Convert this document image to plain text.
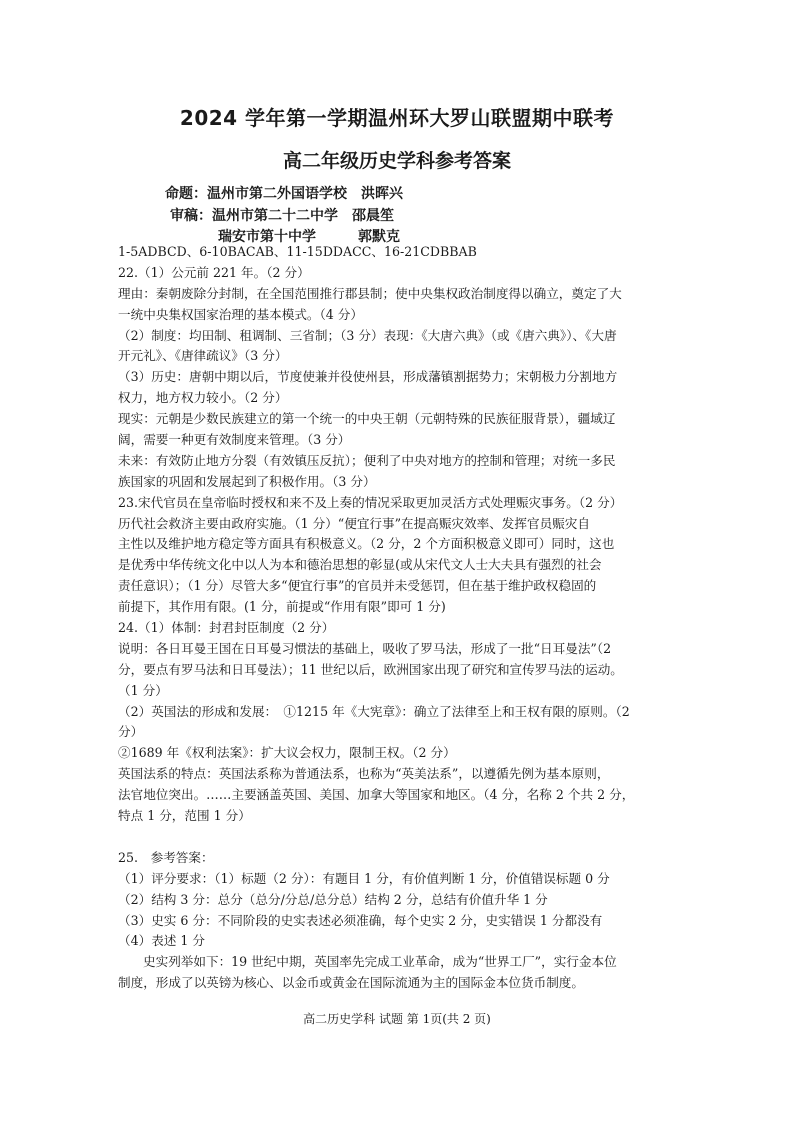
2024 学年第一学期温州环大罗山联盟期中联考
高二年级历史学科参考答案
命题：温州市第二外国语学校　洪晖兴
审稿：温州市第二十二中学　邵晨笙
瑞安市第十中学　　　郭默克
1-5ADBCD、6-10BACAB、11-15DDACC、16-21CDBBAB
22.（1）公元前 221 年。（2 分）
理由：秦朝废除分封制，在全国范围推行郡县制；使中央集权政治制度得以确立，奠定了大
一统中央集权国家治理的基本模式。（4 分）
（2）制度：均田制、租调制、三省制；（3 分）表现：《大唐六典》（或《唐六典》）、《大唐
开元礼》、《唐律疏议》（3 分）
（3）历史：唐朝中期以后，节度使兼并役使州县，形成藩镇割据势力；宋朝极力分割地方
权力，地方权力较小。（2 分）
现实：元朝是少数民族建立的第一个统一的中央王朝（元朝特殊的民族征服背景），疆域辽
阔，需要一种更有效制度来管理。（3 分）
未来：有效防止地方分裂（有效镇压反抗）；便利了中央对地方的控制和管理；对统一多民
族国家的巩固和发展起到了积极作用。（3 分）
23.宋代官员在皇帝临时授权和来不及上奏的情况采取更加灵活方式处理赈灾事务。（2 分）
历代社会救济主要由政府实施。（1 分）“便宜行事”在提高赈灾效率、发挥官员赈灾自
主性以及维护地方稳定等方面具有积极意义。（2 分，2 个方面积极意义即可）同时，这也
是优秀中华传统文化中以人为本和德治思想的彰显(或从宋代文人士大夫具有强烈的社会
责任意识）；（1 分）尽管大多“便宜行事”的官员并未受惩罚，但在基于维护政权稳固的
前提下，其作用有限。(1 分，前提或“作用有限”即可 1 分)
24.（1）体制：封君封臣制度（2 分）
说明：各日耳曼王国在日耳曼习惯法的基础上，吸收了罗马法，形成了一批“日耳曼法”（2
分，要点有罗马法和日耳曼法）；11 世纪以后，欧洲国家出现了研究和宣传罗马法的运动。
（1 分）
（2）英国法的形成和发展：　①1215 年《大宪章》：确立了法律至上和王权有限的原则。（2
分）
②1689 年《权利法案》：扩大议会权力，限制王权。（2 分）
英国法系的特点：英国法系称为普通法系，也称为“英美法系”，以遵循先例为基本原则，
法官地位突出。……主要涵盖英国、美国、加拿大等国家和地区。（4 分，名称 2 个共 2 分，
特点 1 分，范围 1 分）
25.　参考答案：
（1）评分要求：（1）标题（2 分）：有题目 1 分，有价值判断 1 分，价值错误标题 0 分
（2）结构 3 分：总分（总分/分总/总分总）结构 2 分，总结有价值升华 1 分
（3）史实 6 分：不同阶段的史实表述必须准确，每个史实 2 分，史实错误 1 分都没有
（4）表述 1 分
史实列举如下：19 世纪中期，英国率先完成工业革命，成为“世界工厂”，实行金本位
制度，形成了以英镑为核心、以金币或黄金在国际流通为主的国际金本位货币制度。
高二历史学科 试题 第 1页(共 2 页)
